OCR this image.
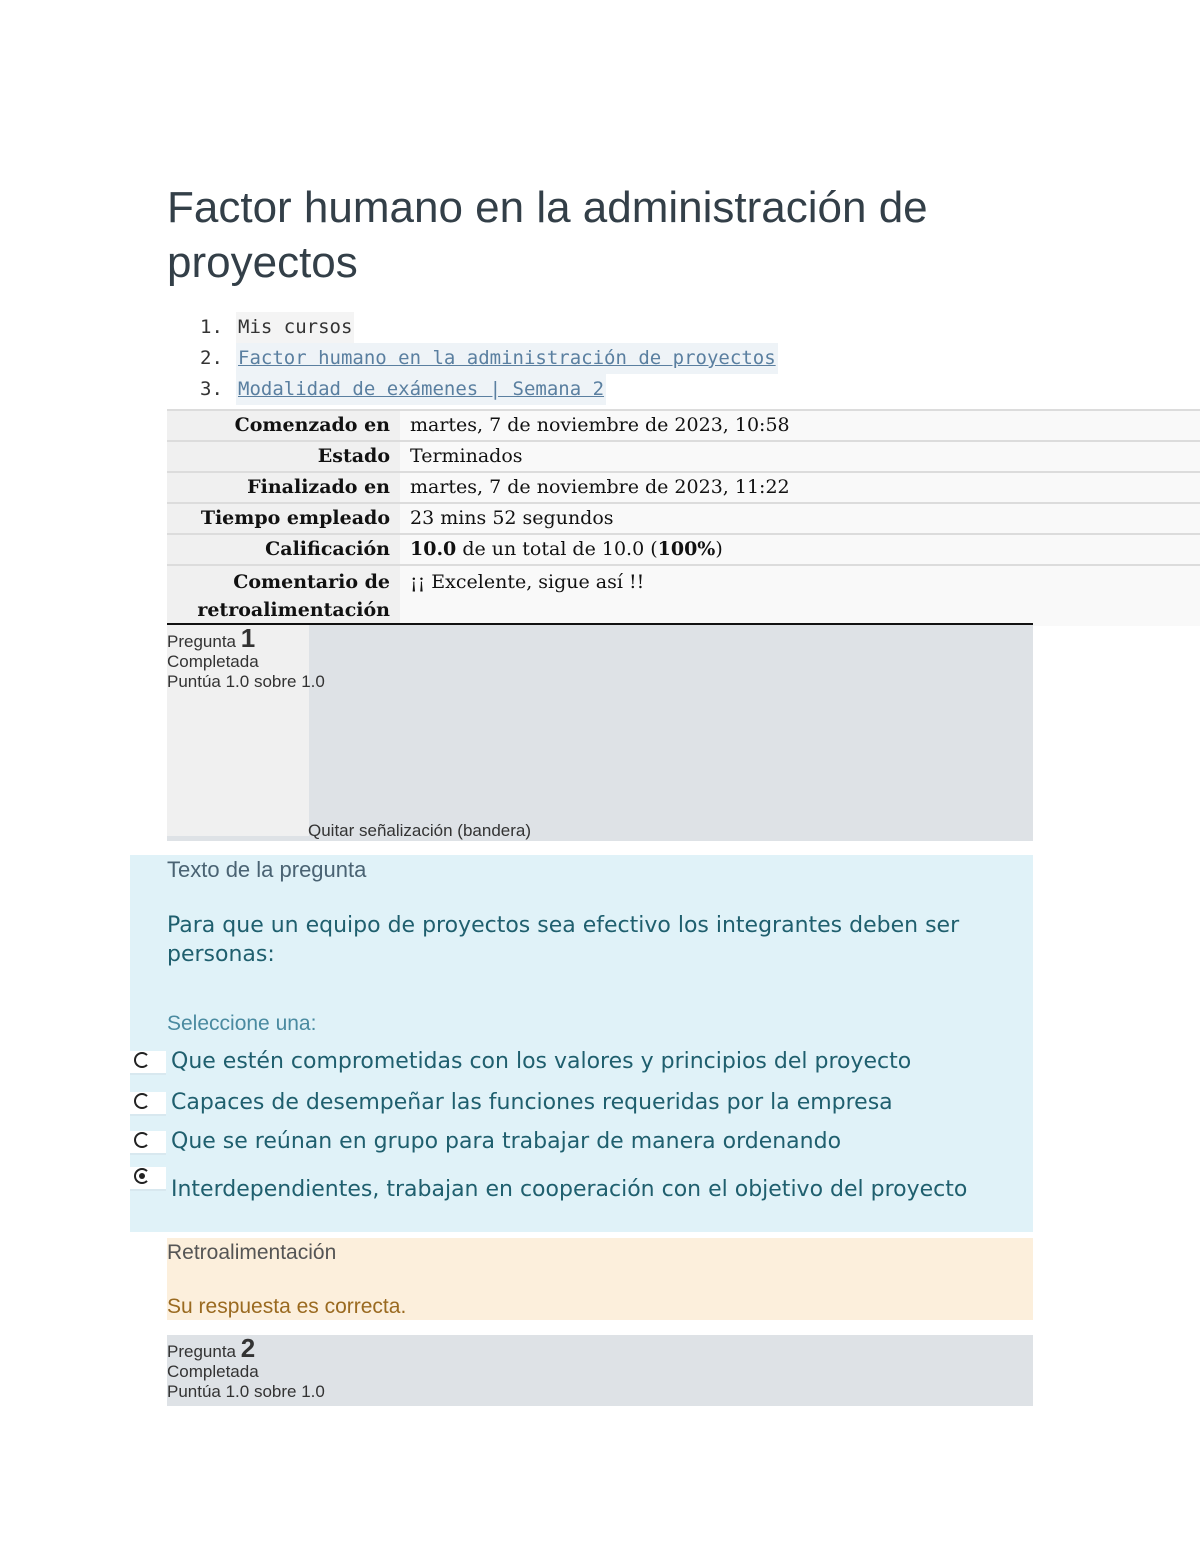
Factor humano en la administración de proyectos
1. Mis cursos
2. Factor humano en la administración de proyectos
3. Modalidad de exámenes | Semana 2
Comenzado en	martes, 7 de noviembre de 2023, 10:58
Estado	Terminados
Finalizado en	martes, 7 de noviembre de 2023, 11:22
Tiempo empleado	23 mins 52 segundos
Calificación	10.0 de un total de 10.0 (100%)
Comentario de
retroalimentación	¡¡ Excelente, sigue así !!
Pregunta 1
Completada
Puntúa 1.0 sobre 1.0
Quitar señalización (bandera)
Texto de la pregunta
Para que un equipo de proyectos sea efectivo los integrantes deben ser personas:
Seleccione una:
Que estén comprometidas con los valores y principios del proyecto
Capaces de desempeñar las funciones requeridas por la empresa
Que se reúnan en grupo para trabajar de manera ordenando
Interdependientes, trabajan en cooperación con el objetivo del proyecto
Retroalimentación
Su respuesta es correcta.
Pregunta 2
Completada
Puntúa 1.0 sobre 1.0
